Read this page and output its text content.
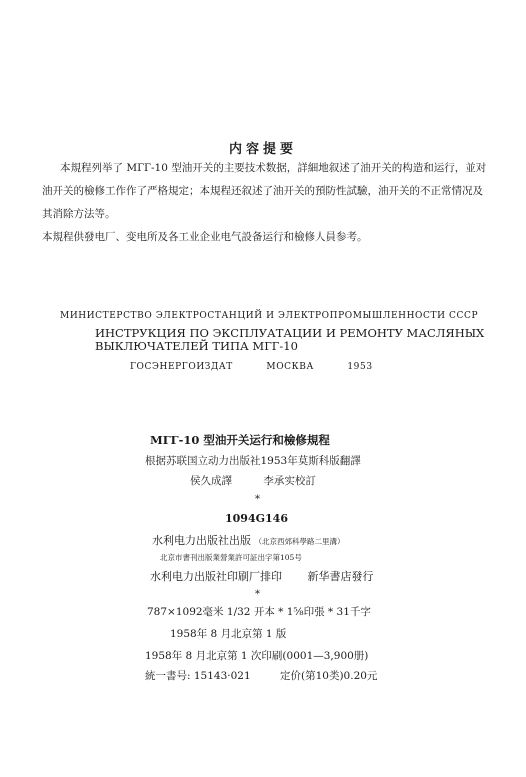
内容提要
本規程列举了 МГГ-10 型油开关的主要技术数据，詳細地叙述了油开关的构造和运行，並对油开关的檢修工作作了严格規定；本規程还叙述了油开关的預防性試驗，油开关的不正常情况及其消除方法等。
本規程供發电厂、变电所及各工业企业电气設备运行和檢修人員参考。
МИНИСТЕРСТВО ЭЛЕКТРОСТАНЦИЙ И ЭЛЕКТРОПРОМЫШЛЕННОСТИ СССР
ИНСТРУКЦИЯ ПО ЭКСПЛУАТАЦИИ И РЕМОНТУ МАСЛЯНЫХ
ВЫКЛЮЧАТЕЛЕЙ ТИПА МГГ-10
ГОСЭНЕРГОИЗДАТ	МОСКВА	1953
МГГ-10 型油开关运行和檢修規程
根据苏联国立动力出版社1953年莫斯科版翻譯
侯久成譯	李承实校訂
*
1094G146
水利电力出版社出版 （北京西郊科學路二里溝）
北京市書刊出版業營業許可証出字第105号
水利电力出版社印刷厂排印 新华書店發行
*
787×1092毫米 1/32 开本 * 1⅝印張 * 31千字
1958年 8 月北京第 1 版
1958年 8 月北京第 1 次印刷(0001—3,900册)
統一書号: 15143·021	定价(第10类)0.20元
